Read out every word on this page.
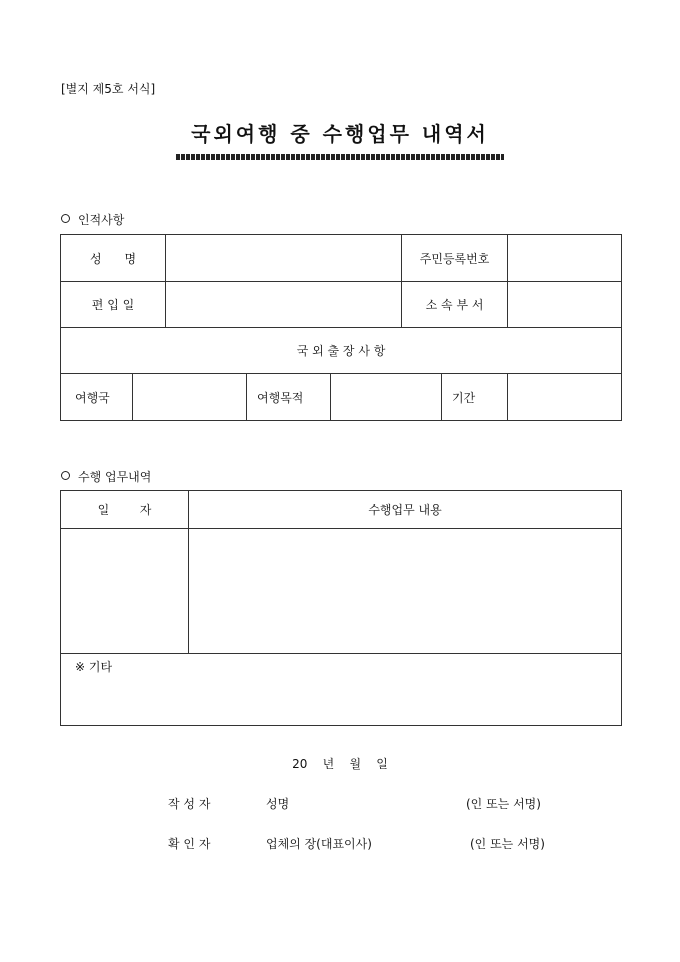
[별지 제5호 서식]
국외여행 중 수행업무 내역서
인적사항
성      명					주민등록번호		
편 입 일					소 속 부 서		
국 외 출 장 사 항							
여행국			여행목적			기간	
수행 업무내역
일        자	수행업무 내용

※ 기타	
20    년    월    일
작 성 자	성명	(인 또는 서명)
확 인 자	업체의 장(대표이사)	(인 또는 서명)
